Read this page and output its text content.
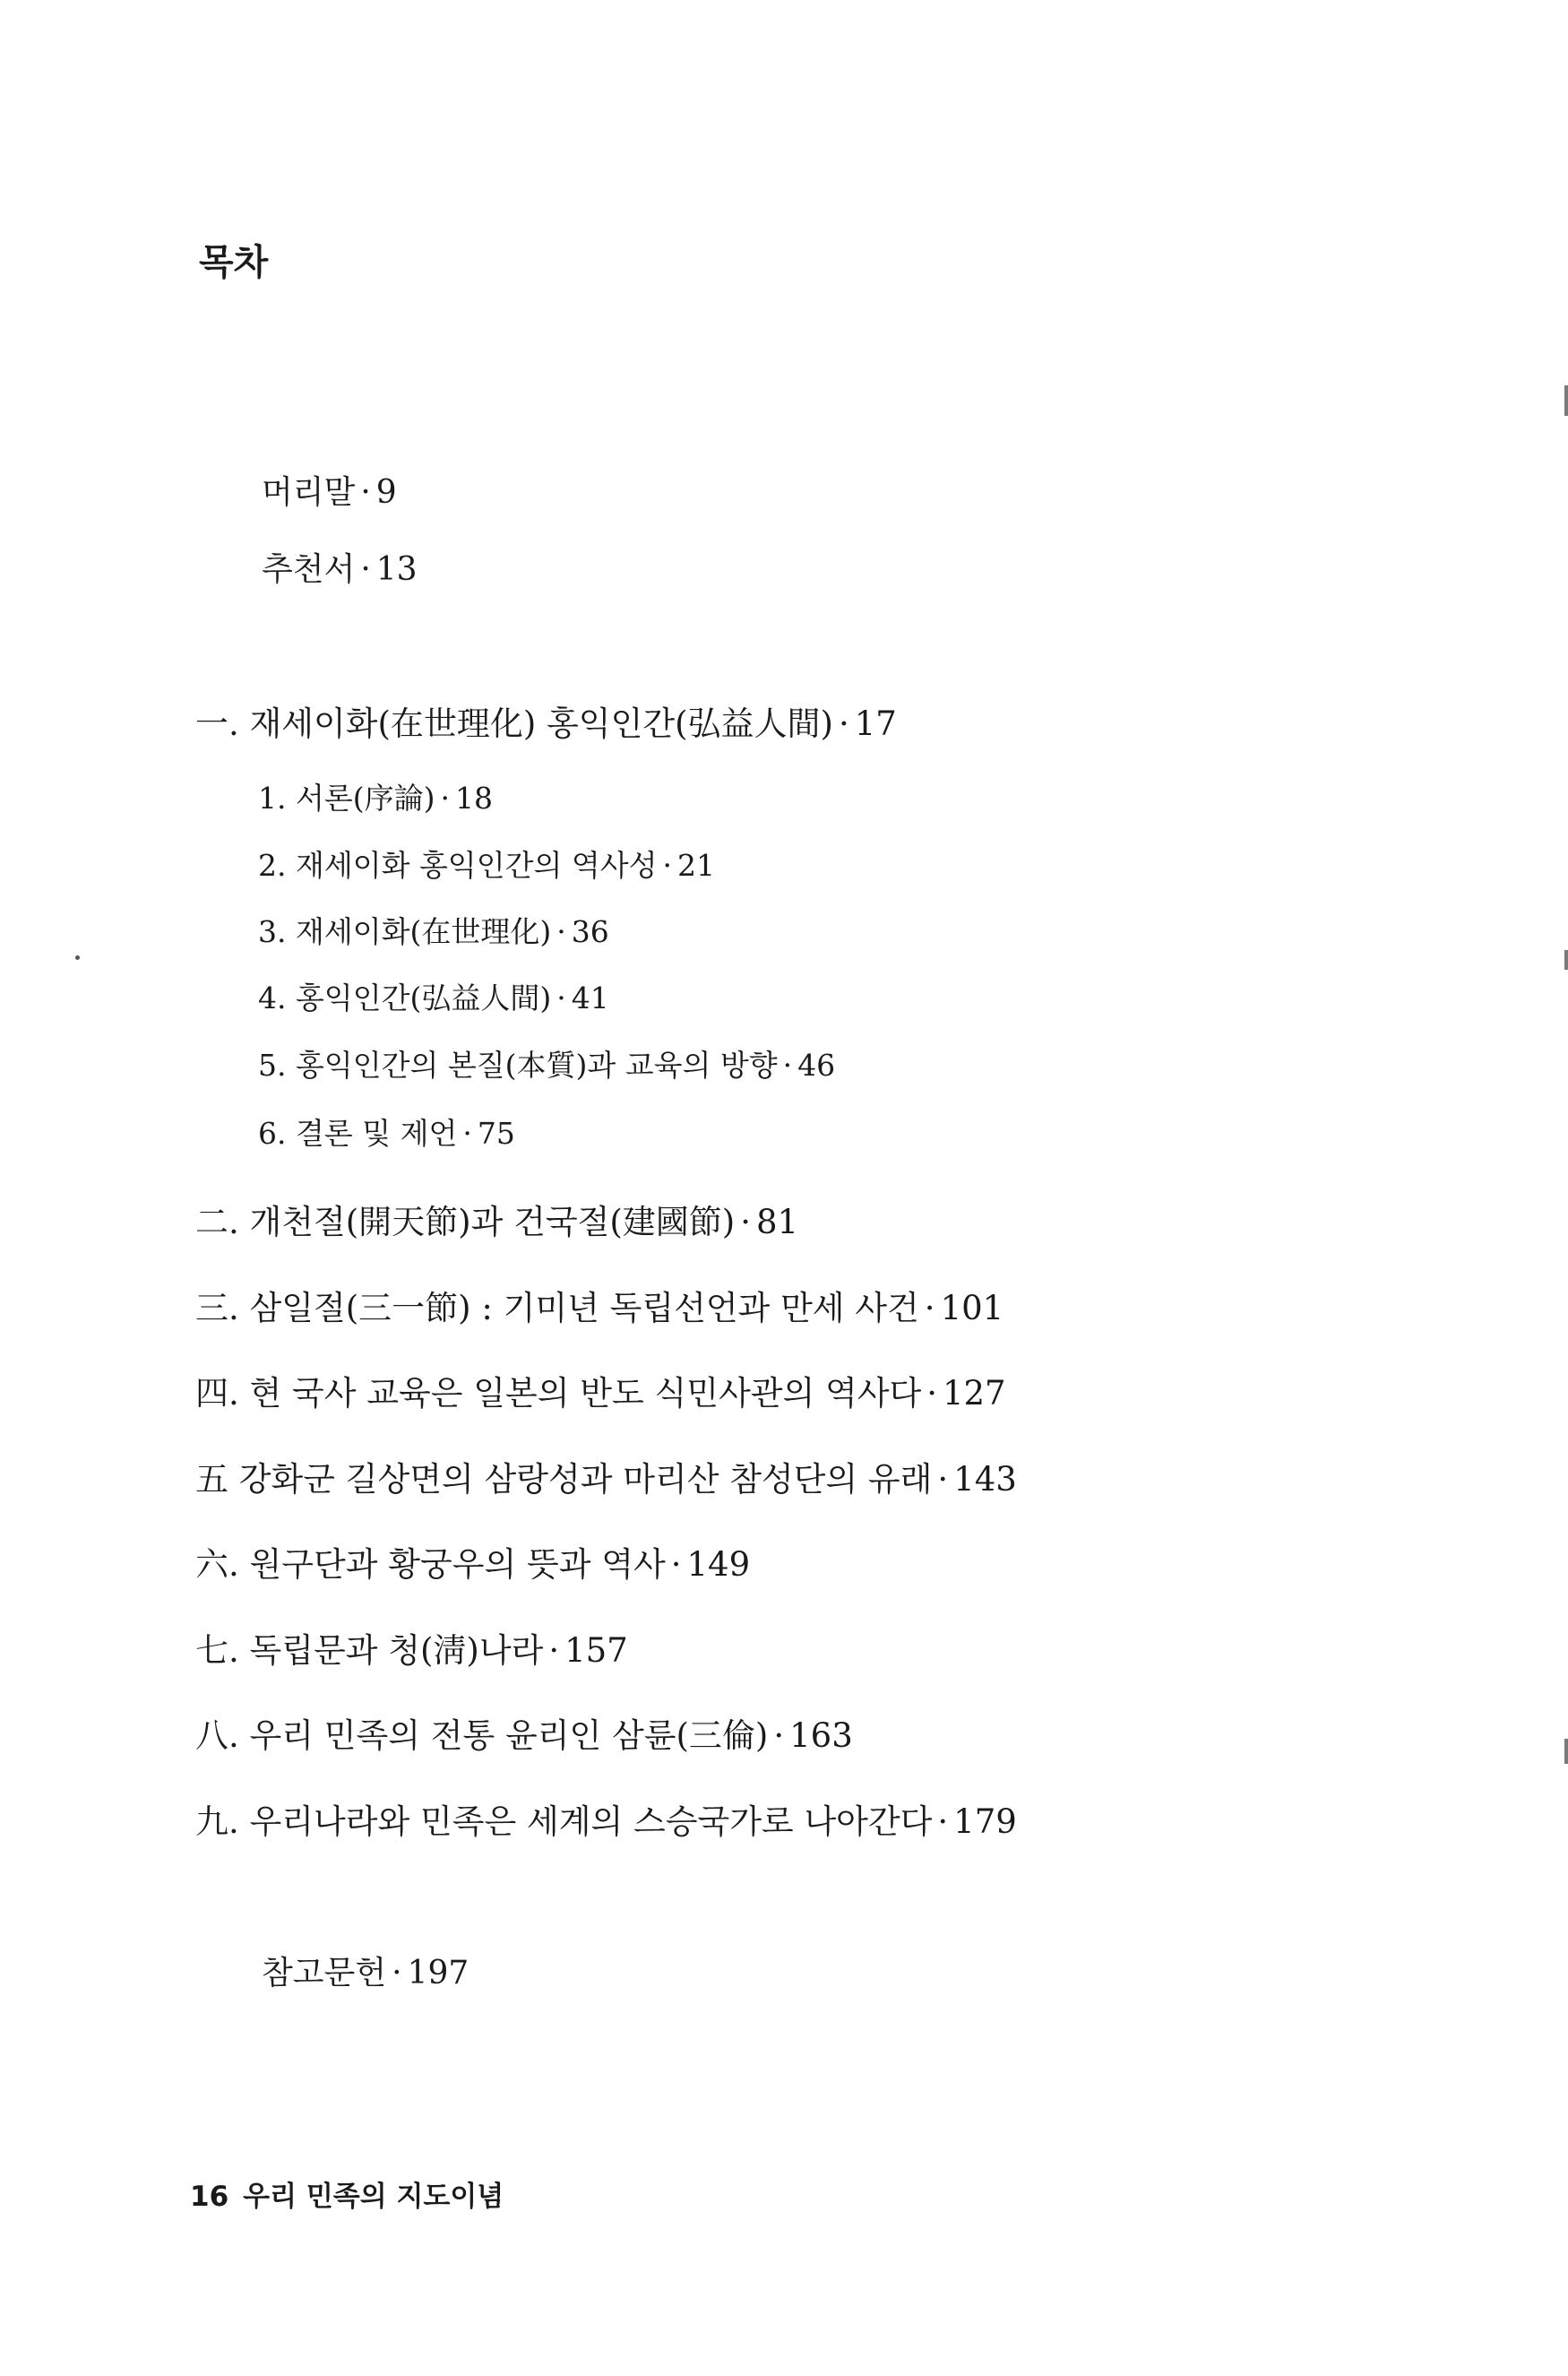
목차
머리말 · 9
추천서 · 13
一. 재세이화(在世理化) 홍익인간(弘益人間) · 17
1. 서론(序論) · 18
2. 재세이화 홍익인간의 역사성 · 21
3. 재세이화(在世理化) · 36
4. 홍익인간(弘益人間) · 41
5. 홍익인간의 본질(本質)과 교육의 방향 · 46
6. 결론 및 제언 · 75
二. 개천절(開天節)과 건국절(建國節) · 81
三. 삼일절(三一節) : 기미년 독립선언과 만세 사건 · 101
四. 현 국사 교육은 일본의 반도 식민사관의 역사다 · 127
五 강화군 길상면의 삼랑성과 마리산 참성단의 유래 · 143
六. 원구단과 황궁우의 뜻과 역사 · 149
七. 독립문과 청(淸)나라 · 157
八. 우리 민족의 전통 윤리인 삼륜(三倫) · 163
九. 우리나라와 민족은 세계의 스승국가로 나아간다 · 179
참고문헌 · 197
16 우리 민족의 지도이념
